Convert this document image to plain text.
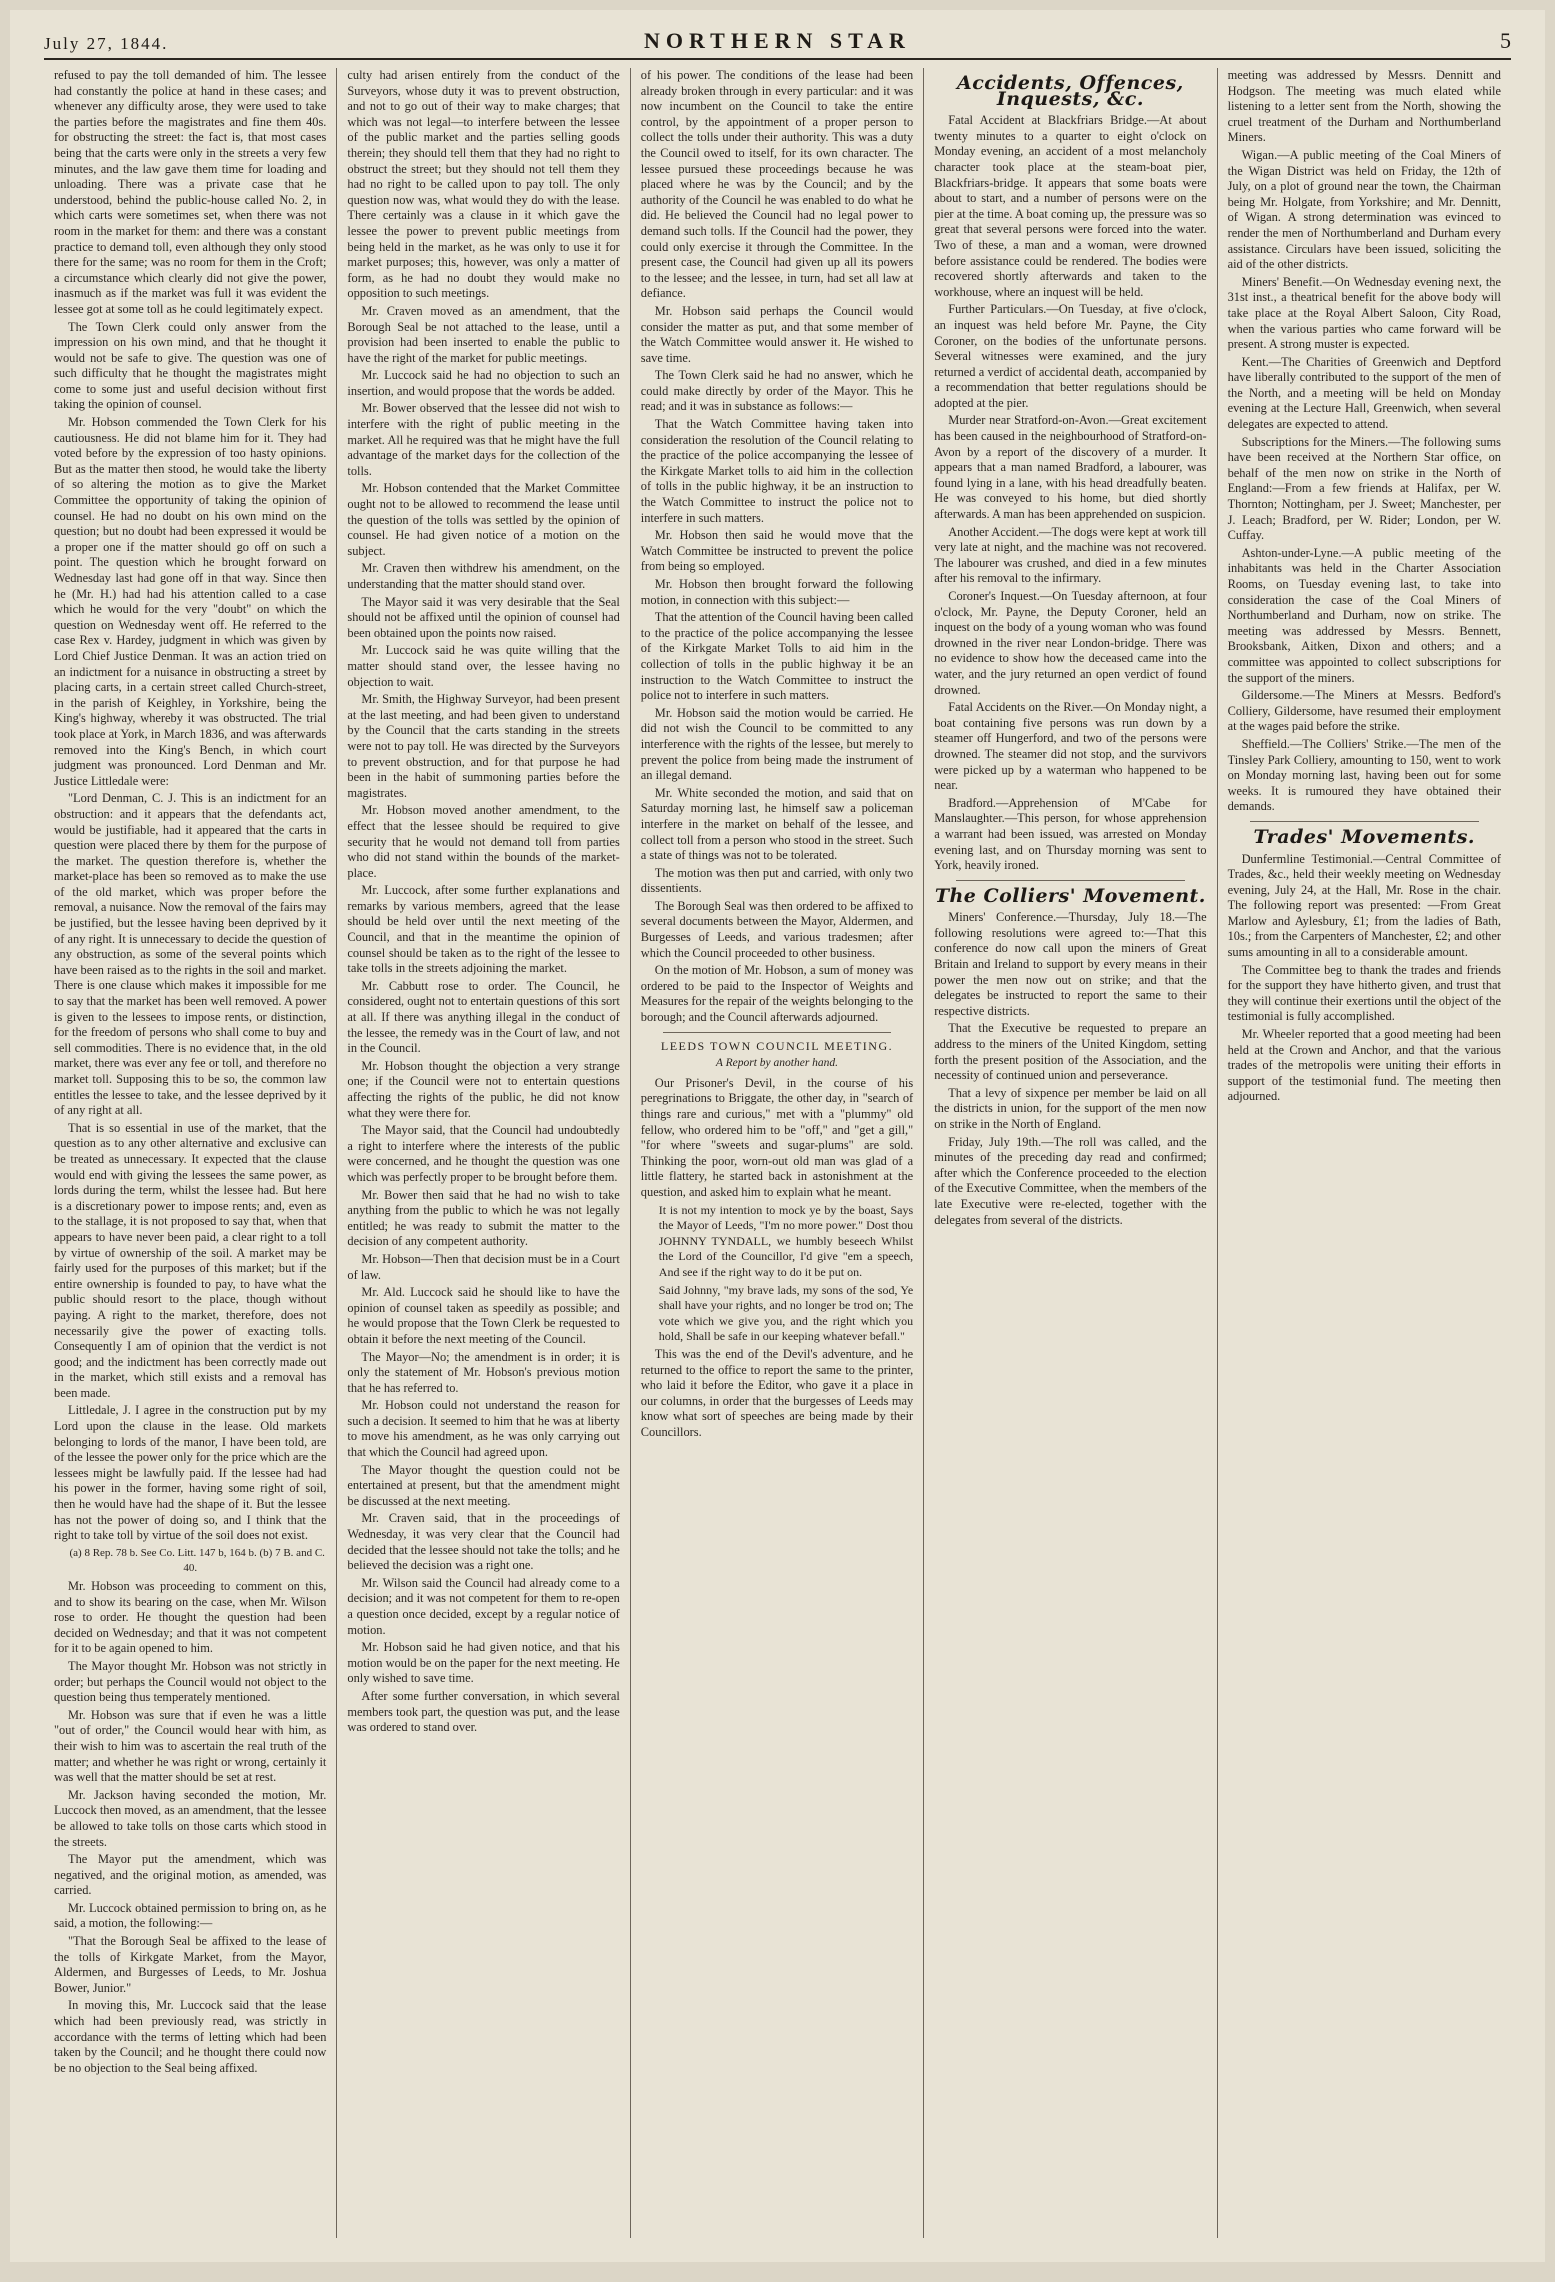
July 27, 1844.	NORTHERN STAR	5

refused to pay the toll demanded of him. The lessee had constantly the police at hand in these cases; and whenever any difficulty arose, they were used to take the parties before the magistrates and fine them 40s. for obstructing the street: the fact is, that most cases being that the carts were only in the streets a very few minutes, and the law gave them time for loading and unloading. There was a private case that he understood, behind the public-house called No. 2, in which carts were sometimes set, when there was not room in the market for them: and there was a constant practice to demand toll, even although they only stood there for the same; was no room for them in the Croft; a circumstance which clearly did not give the power, inasmuch as if the market was full it was evident the lessee got at some toll as he could legitimately expect.

The Town Clerk could only answer from the impression on his own mind, and that he thought it would not be safe to give. The question was one of such difficulty that he thought the magistrates might come to some just and useful decision without first taking the opinion of counsel.

Mr. Hobson commended the Town Clerk for his cautiousness. He did not blame him for it. They had voted before by the expression of too hasty opinions. But as the matter then stood, he would take the liberty of so altering the motion as to give the Market Committee the opportunity of taking the opinion of counsel. He had no doubt on his own mind on the question; but no doubt had been expressed it would be a proper one if the matter should go off on such a point. The question which he brought forward on Wednesday last had gone off in that way. Since then he (Mr. H.) had had his attention called to a case which he would for the very "doubt" on which the question on Wednesday went off. He referred to the case Rex v. Hardey, judgment in which was given by Lord Chief Justice Denman. It was an action tried on an indictment for a nuisance in obstructing a street by placing carts, in a certain street called Church-street, in the parish of Keighley, in Yorkshire, being the King's highway, whereby it was obstructed. The trial took place at York, in March 1836, and was afterwards removed into the King's Bench, in which court judgment was pronounced. Lord Denman and Mr. Justice Littledale were:

"Lord Denman, C. J. This is an indictment for an obstruction: and it appears that the defendants act, would be justifiable, had it appeared that the carts in question were placed there by them for the purpose of the market. The question therefore is, whether the market-place has been so removed as to make the use of the old market, which was proper before the removal, a nuisance. Now the removal of the fairs may be justified, but the lessee having been deprived by it of any right. It is unnecessary to decide the question of any obstruction, as some of the several points which have been raised as to the rights in the soil and market. There is one clause which makes it impossible for me to say that the market has been well removed. A power is given to the lessees to impose rents, or distinction, for the freedom of persons who shall come to buy and sell commodities. There is no evidence that, in the old market, there was ever any fee or toll, and therefore no market toll. Supposing this to be so, the common law entitles the lessee to take, and the lessee deprived by it of any right at all.

That is so essential in use of the market, that the question as to any other alternative and exclusive can be treated as unnecessary. It expected that the clause would end with giving the lessees the same power, as lords during the term, whilst the lessee had. But here is a discretionary power to impose rents; and, even as to the stallage, it is not proposed to say that, when that appears to have never been paid, a clear right to a toll by virtue of ownership of the soil. A market may be fairly used for the purposes of this market; but if the entire ownership is founded to pay, to have what the public should resort to the place, though without paying. A right to the market, therefore, does not necessarily give the power of exacting tolls. Consequently I am of opinion that the verdict is not good; and the indictment has been correctly made out in the market, which still exists and a removal has been made.

Littledale, J. I agree in the construction put by my Lord upon the clause in the lease. Old markets belonging to lords of the manor, I have been told, are of the lessee the power only for the price which are the lessees might be lawfully paid. If the lessee had had his power in the former, having some right of soil, then he would have had the shape of it. But the lessee has not the power of doing so, and I think that the right to take toll by virtue of the soil does not exist.

(a) 8 Rep. 78 b. See Co. Litt. 147 b, 164 b. (b) 7 B. and C. 40.

Mr. Hobson was proceeding to comment on this, and to show its bearing on the case, when Mr. Wilson rose to order. He thought the question had been decided on Wednesday; and that it was not competent for it to be again opened to him.

The Mayor thought Mr. Hobson was not strictly in order; but perhaps the Council would not object to the question being thus temperately mentioned.

Mr. Hobson was sure that if even he was a little "out of order," the Council would hear with him, as their wish to him was to ascertain the real truth of the matter; and whether he was right or wrong, certainly it was well that the matter should be set at rest.

Mr. Jackson having seconded the motion, Mr. Luccock then moved, as an amendment, that the lessee be allowed to take tolls on those carts which stood in the streets.

The Mayor put the amendment, which was negatived, and the original motion, as amended, was carried.

Mr. Luccock obtained permission to bring on, as he said, a motion, the following:—

"That the Borough Seal be affixed to the lease of the tolls of Kirkgate Market, from the Mayor, Aldermen, and Burgesses of Leeds, to Mr. Joshua Bower, Junior."

In moving this, Mr. Luccock said that the lease which had been previously read, was strictly in accordance with the terms of letting which had been taken by the Council; and he thought there could now be no objection to the Seal being affixed.

culty had arisen entirely from the conduct of the Surveyors, whose duty it was to prevent obstruction, and not to go out of their way to make charges; that which was not legal—to interfere between the lessee of the public market and the parties selling goods therein; they should tell them that they had no right to obstruct the street; but they should not tell them they had no right to be called upon to pay toll. The only question now was, what would they do with the lease. There certainly was a clause in it which gave the lessee the power to prevent public meetings from being held in the market, as he was only to use it for market purposes; this, however, was only a matter of form, as he had no doubt they would make no opposition to such meetings.

Mr. Craven moved as an amendment, that the Borough Seal be not attached to the lease, until a provision had been inserted to enable the public to have the right of the market for public meetings.

Mr. Luccock said he had no objection to such an insertion, and would propose that the words be added.

Mr. Bower observed that the lessee did not wish to interfere with the right of public meeting in the market. All he required was that he might have the full advantage of the market days for the collection of the tolls.

Mr. Hobson contended that the Market Committee ought not to be allowed to recommend the lease until the question of the tolls was settled by the opinion of counsel. He had given notice of a motion on the subject.

Mr. Craven then withdrew his amendment, on the understanding that the matter should stand over.

The Mayor said it was very desirable that the Seal should not be affixed until the opinion of counsel had been obtained upon the points now raised.

Mr. Luccock said he was quite willing that the matter should stand over, the lessee having no objection to wait.

Mr. Smith, the Highway Surveyor, had been present at the last meeting, and had been given to understand by the Council that the carts standing in the streets were not to pay toll. He was directed by the Surveyors to prevent obstruction, and for that purpose he had been in the habit of summoning parties before the magistrates.

Mr. Hobson moved another amendment, to the effect that the lessee should be required to give security that he would not demand toll from parties who did not stand within the bounds of the market-place.

Mr. Luccock, after some further explanations and remarks by various members, agreed that the lease should be held over until the next meeting of the Council, and that in the meantime the opinion of counsel should be taken as to the right of the lessee to take tolls in the streets adjoining the market.

Mr. Cabbutt rose to order. The Council, he considered, ought not to entertain questions of this sort at all. If there was anything illegal in the conduct of the lessee, the remedy was in the Court of law, and not in the Council.

Mr. Hobson thought the objection a very strange one; if the Council were not to entertain questions affecting the rights of the public, he did not know what they were there for.

The Mayor said, that the Council had undoubtedly a right to interfere where the interests of the public were concerned, and he thought the question was one which was perfectly proper to be brought before them.

Mr. Bower then said that he had no wish to take anything from the public to which he was not legally entitled; he was ready to submit the matter to the decision of any competent authority.

Mr. Hobson—Then that decision must be in a Court of law.

Mr. Ald. Luccock said he should like to have the opinion of counsel taken as speedily as possible; and he would propose that the Town Clerk be requested to obtain it before the next meeting of the Council.

The Mayor—No; the amendment is in order; it is only the statement of Mr. Hobson's previous motion that he has referred to.

Mr. Hobson could not understand the reason for such a decision. It seemed to him that he was at liberty to move his amendment, as he was only carrying out that which the Council had agreed upon.

The Mayor thought the question could not be entertained at present, but that the amendment might be discussed at the next meeting.

Mr. Craven said, that in the proceedings of Wednesday, it was very clear that the Council had decided that the lessee should not take the tolls; and he believed the decision was a right one.

Mr. Wilson said the Council had already come to a decision; and it was not competent for them to re-open a question once decided, except by a regular notice of motion.

Mr. Hobson said he had given notice, and that his motion would be on the paper for the next meeting. He only wished to save time.

After some further conversation, in which several members took part, the question was put, and the lease was ordered to stand over.

of his power. The conditions of the lease had been already broken through in every particular: and it was now incumbent on the Council to take the entire control, by the appointment of a proper person to collect the tolls under their authority. This was a duty the Council owed to itself, for its own character. The lessee pursued these proceedings because he was placed where he was by the Council; and by the authority of the Council he was enabled to do what he did. He believed the Council had no legal power to demand such tolls. If the Council had the power, they could only exercise it through the Committee. In the present case, the Council had given up all its powers to the lessee; and the lessee, in turn, had set all law at defiance.

Mr. Hobson said perhaps the Council would consider the matter as put, and that some member of the Watch Committee would answer it. He wished to save time.

The Town Clerk said he had no answer, which he could make directly by order of the Mayor. This he read; and it was in substance as follows:—

That the Watch Committee having taken into consideration the resolution of the Council relating to the practice of the police accompanying the lessee of the Kirkgate Market tolls to aid him in the collection of tolls in the public highway, it be an instruction to the Watch Committee to instruct the police not to interfere in such matters.

Mr. Hobson then said he would move that the Watch Committee be instructed to prevent the police from being so employed.

Mr. Hobson then brought forward the following motion, in connection with this subject:—

That the attention of the Council having been called to the practice of the police accompanying the lessee of the Kirkgate Market Tolls to aid him in the collection of tolls in the public highway it be an instruction to the Watch Committee to instruct the police not to interfere in such matters.

Mr. Hobson said the motion would be carried. He did not wish the Council to be committed to any interference with the rights of the lessee, but merely to prevent the police from being made the instrument of an illegal demand.

Mr. White seconded the motion, and said that on Saturday morning last, he himself saw a policeman interfere in the market on behalf of the lessee, and collect toll from a person who stood in the street. Such a state of things was not to be tolerated.

The motion was then put and carried, with only two dissentients.

The Borough Seal was then ordered to be affixed to several documents between the Mayor, Aldermen, and Burgesses of Leeds, and various tradesmen; after which the Council proceeded to other business.

On the motion of Mr. Hobson, a sum of money was ordered to be paid to the Inspector of Weights and Measures for the repair of the weights belonging to the borough; and the Council afterwards adjourned.

LEEDS TOWN COUNCIL MEETING.
A Report by another hand.

Our Prisoner's Devil, in the course of his peregrinations to Briggate, the other day, in "search of things rare and curious," met with a "plummy" old fellow, who ordered him to be "off," and "get a gill," "for where "sweets and sugar-plums" are sold. Thinking the poor, worn-out old man was glad of a little flattery, he started back in astonishment at the question, and asked him to explain what he meant.

It is not my intention to mock ye by the boast, Says the Mayor of Leeds, "I'm no more power." Dost thou JOHNNY TYNDALL, we humbly beseech Whilst the Lord of the Councillor, I'd give "em a speech, And see if the right way to do it be put on.

Said Johnny, "my brave lads, my sons of the sod, Ye shall have your rights, and no longer be trod on; The vote which we give you, and the right which you hold, Shall be safe in our keeping whatever befall."

This was the end of the Devil's adventure, and he returned to the office to report the same to the printer, who laid it before the Editor, who gave it a place in our columns, in order that the burgesses of Leeds may know what sort of speeches are being made by their Councillors.

Accidents, Offences, Inquests, &c.

Fatal Accident at Blackfriars Bridge.—At about twenty minutes to a quarter to eight o'clock on Monday evening, an accident of a most melancholy character took place at the steam-boat pier, Blackfriars-bridge. It appears that some boats were about to start, and a number of persons were on the pier at the time. A boat coming up, the pressure was so great that several persons were forced into the water. Two of these, a man and a woman, were drowned before assistance could be rendered. The bodies were recovered shortly afterwards and taken to the workhouse, where an inquest will be held.

Further Particulars.—On Tuesday, at five o'clock, an inquest was held before Mr. Payne, the City Coroner, on the bodies of the unfortunate persons. Several witnesses were examined, and the jury returned a verdict of accidental death, accompanied by a recommendation that better regulations should be adopted at the pier.

Murder near Stratford-on-Avon.—Great excitement has been caused in the neighbourhood of Stratford-on-Avon by a report of the discovery of a murder. It appears that a man named Bradford, a labourer, was found lying in a lane, with his head dreadfully beaten. He was conveyed to his home, but died shortly afterwards. A man has been apprehended on suspicion.

Another Accident.—The dogs were kept at work till very late at night, and the machine was not recovered. The labourer was crushed, and died in a few minutes after his removal to the infirmary.

Coroner's Inquest.—On Tuesday afternoon, at four o'clock, Mr. Payne, the Deputy Coroner, held an inquest on the body of a young woman who was found drowned in the river near London-bridge. There was no evidence to show how the deceased came into the water, and the jury returned an open verdict of found drowned.

Fatal Accidents on the River.—On Monday night, a boat containing five persons was run down by a steamer off Hungerford, and two of the persons were drowned. The steamer did not stop, and the survivors were picked up by a waterman who happened to be near.

Bradford.—Apprehension of M'Cabe for Manslaughter.—This person, for whose apprehension a warrant had been issued, was arrested on Monday evening last, and on Thursday morning was sent to York, heavily ironed.

The Colliers' Movement.

Miners' Conference.—Thursday, July 18.—The following resolutions were agreed to:—That this conference do now call upon the miners of Great Britain and Ireland to support by every means in their power the men now out on strike; and that the delegates be instructed to report the same to their respective districts.

That the Executive be requested to prepare an address to the miners of the United Kingdom, setting forth the present position of the Association, and the necessity of continued union and perseverance.

That a levy of sixpence per member be laid on all the districts in union, for the support of the men now on strike in the North of England.

Friday, July 19th.—The roll was called, and the minutes of the preceding day read and confirmed; after which the Conference proceeded to the election of the Executive Committee, when the members of the late Executive were re-elected, together with the delegates from several of the districts.

meeting was addressed by Messrs. Dennitt and Hodgson. The meeting was much elated while listening to a letter sent from the North, showing the cruel treatment of the Durham and Northumberland Miners.

Wigan.—A public meeting of the Coal Miners of the Wigan District was held on Friday, the 12th of July, on a plot of ground near the town, the Chairman being Mr. Holgate, from Yorkshire; and Mr. Dennitt, of Wigan. A strong determination was evinced to render the men of Northumberland and Durham every assistance. Circulars have been issued, soliciting the aid of the other districts.

Miners' Benefit.—On Wednesday evening next, the 31st inst., a theatrical benefit for the above body will take place at the Royal Albert Saloon, City Road, when the various parties who came forward will be present. A strong muster is expected.

Kent.—The Charities of Greenwich and Deptford have liberally contributed to the support of the men of the North, and a meeting will be held on Monday evening at the Lecture Hall, Greenwich, when several delegates are expected to attend.

Subscriptions for the Miners.—The following sums have been received at the Northern Star office, on behalf of the men now on strike in the North of England:—From a few friends at Halifax, per W. Thornton; Nottingham, per J. Sweet; Manchester, per J. Leach; Bradford, per W. Rider; London, per W. Cuffay.

Ashton-under-Lyne.—A public meeting of the inhabitants was held in the Charter Association Rooms, on Tuesday evening last, to take into consideration the case of the Coal Miners of Northumberland and Durham, now on strike. The meeting was addressed by Messrs. Bennett, Brooksbank, Aitken, Dixon and others; and a committee was appointed to collect subscriptions for the support of the miners.

Gildersome.—The Miners at Messrs. Bedford's Colliery, Gildersome, have resumed their employment at the wages paid before the strike.

Sheffield.—The Colliers' Strike.—The men of the Tinsley Park Colliery, amounting to 150, went to work on Monday morning last, having been out for some weeks. It is rumoured they have obtained their demands.

Trades' Movements.

Dunfermline Testimonial.—Central Committee of Trades, &c., held their weekly meeting on Wednesday evening, July 24, at the Hall, Mr. Rose in the chair. The following report was presented: —From Great Marlow and Aylesbury, £1; from the ladies of Bath, 10s.; from the Carpenters of Manchester, £2; and other sums amounting in all to a considerable amount.

The Committee beg to thank the trades and friends for the support they have hitherto given, and trust that they will continue their exertions until the object of the testimonial is fully accomplished.

Mr. Wheeler reported that a good meeting had been held at the Crown and Anchor, and that the various trades of the metropolis were uniting their efforts in support of the testimonial fund. The meeting then adjourned.
